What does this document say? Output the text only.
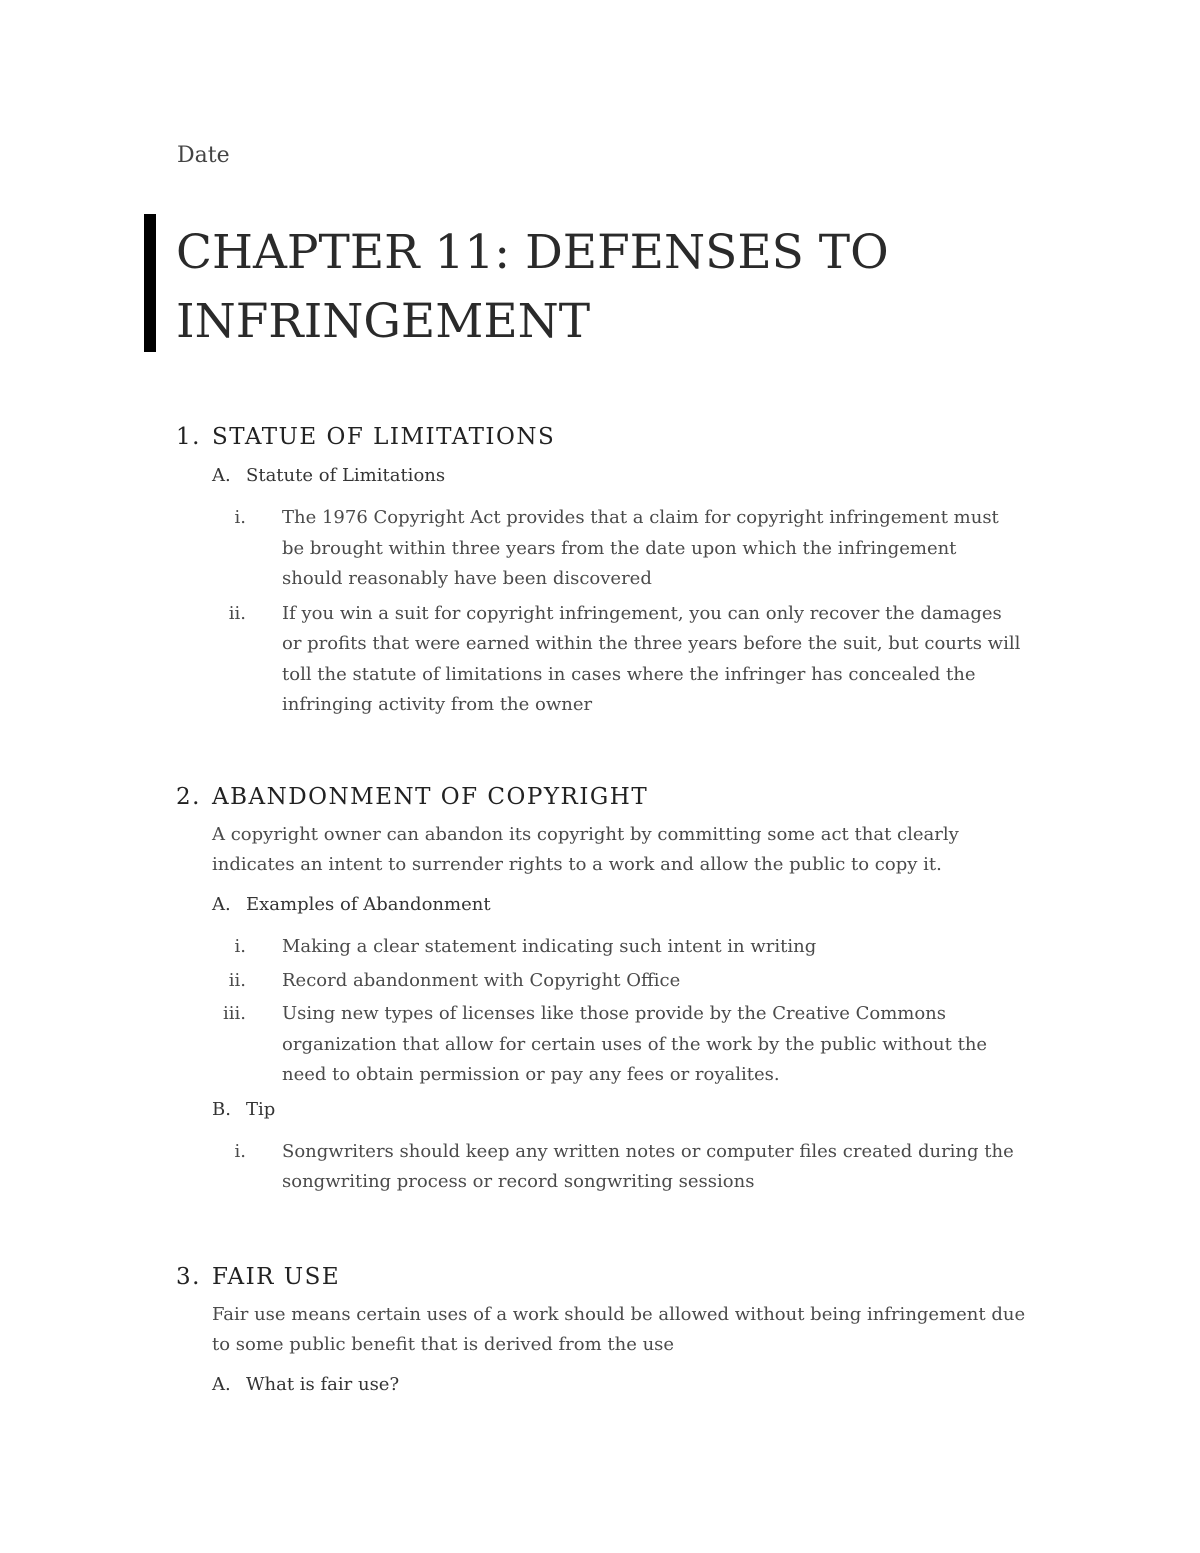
Date
CHAPTER 11: DEFENSES TO INFRINGEMENT
1. STATUE OF LIMITATIONS
A. Statute of Limitations
i.	The 1976 Copyright Act provides that a claim for copyright infringement must be brought within three years from the date upon which the infringement should reasonably have been discovered
ii.	If you win a suit for copyright infringement, you can only recover the damages or profits that were earned within the three years before the suit, but courts will toll the statute of limitations in cases where the infringer has concealed the infringing activity from the owner
2. ABANDONMENT OF COPYRIGHT

A copyright owner can abandon its copyright by committing some act that clearly indicates an intent to surrender rights to a work and allow the public to copy it.

A. Examples of Abandonment
i.	Making a clear statement indicating such intent in writing
ii.	Record abandonment with Copyright Office
iii.	Using new types of licenses like those provide by the Creative Commons organization that allow for certain uses of the work by the public without the need to obtain permission or pay any fees or royalites.
B. Tip
i.	Songwriters should keep any written notes or computer files created during the songwriting process or record songwriting sessions
3. FAIR USE

Fair use means certain uses of a work should be allowed without being infringement due to some public benefit that is derived from the use

A. What is fair use?
